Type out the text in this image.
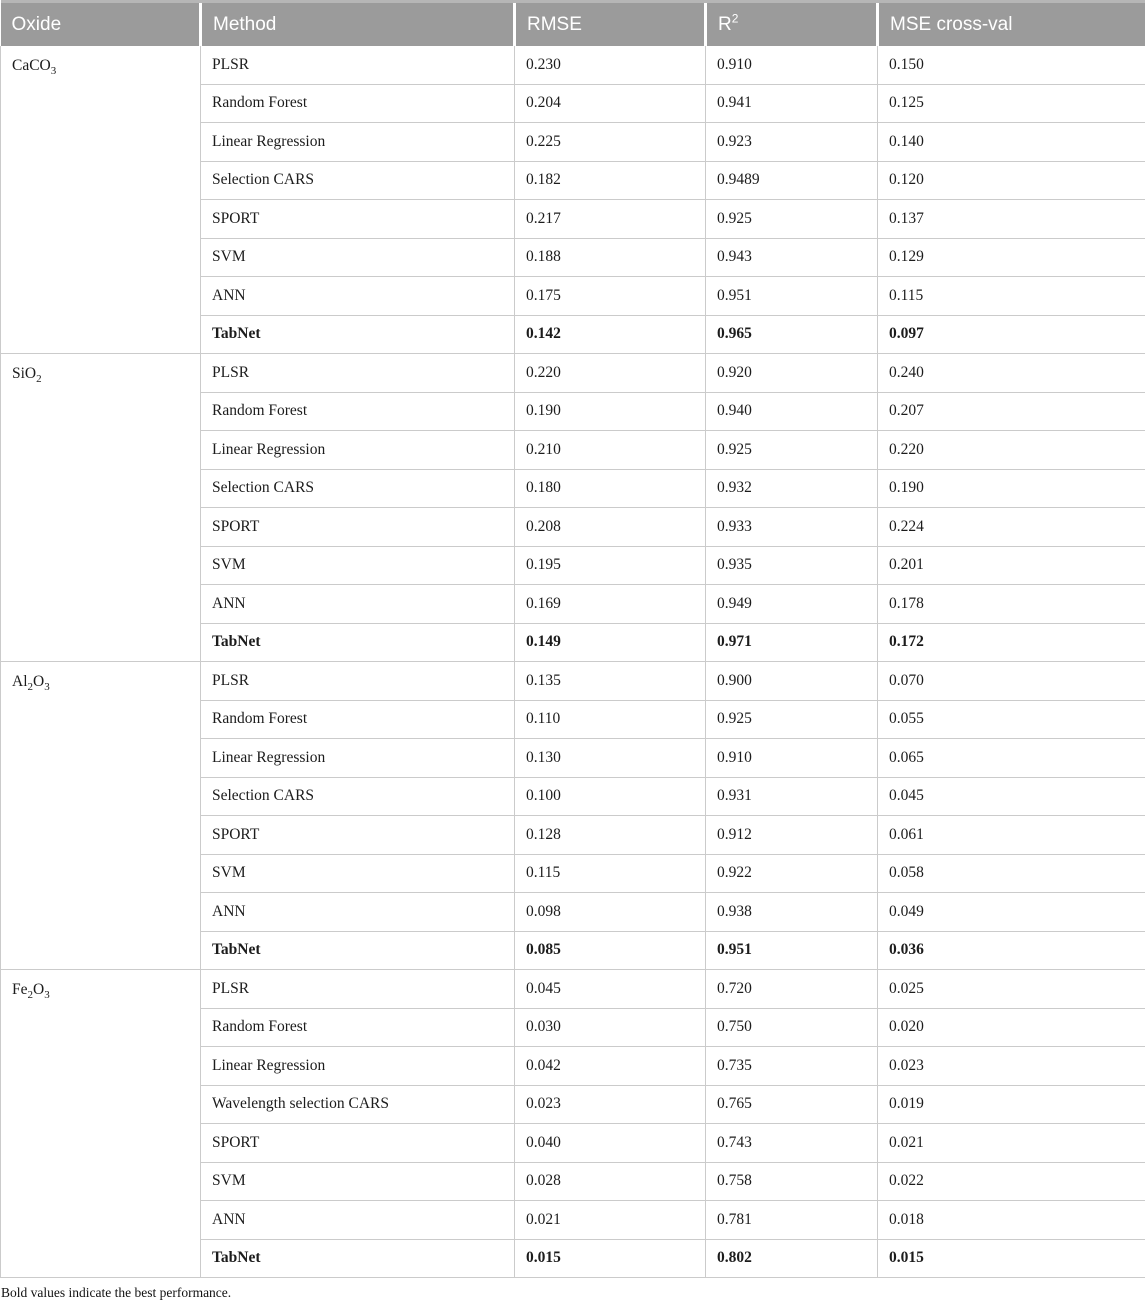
Oxide	Method	RMSE	$R^2$	MSE cross-val
CaCO$_3$	PLSR	0.230	0.910	0.150
	Random Forest	0.204	0.941	0.125
	Linear Regression	0.225	0.923	0.140
	Selection CARS	0.182	0.9489	0.120
	SPORT	0.217	0.925	0.137
	SVM	0.188	0.943	0.129
	ANN	0.175	0.951	0.115
	TabNet	0.142	0.965	0.097
SiO$_2$	PLSR	0.220	0.920	0.240
	Random Forest	0.190	0.940	0.207
	Linear Regression	0.210	0.925	0.220
	Selection CARS	0.180	0.932	0.190
	SPORT	0.208	0.933	0.224
	SVM	0.195	0.935	0.201
	ANN	0.169	0.949	0.178
	TabNet	0.149	0.971	0.172
$Al_2O_3$	PLSR	0.135	0.900	0.070
	Random Forest	0.110	0.925	0.055
	Linear Regression	0.130	0.910	0.065
	Selection CARS	0.100	0.931	0.045
	SPORT	0.128	0.912	0.061
	SVM	0.115	0.922	0.058
	ANN	0.098	0.938	0.049
	TabNet	0.085	0.951	0.036
$Fe_2O_3$	PLSR	0.045	0.720	0.025
	Random Forest	0.030	0.750	0.020
	Linear Regression	0.042	0.735	0.023
	Wavelength selection CARS	0.023	0.765	0.019
	SPORT	0.040	0.743	0.021
	SVM	0.028	0.758	0.022
	ANN	0.021	0.781	0.018
	TabNet	0.015	0.802	0.015
Bold values indicate the best performance.
